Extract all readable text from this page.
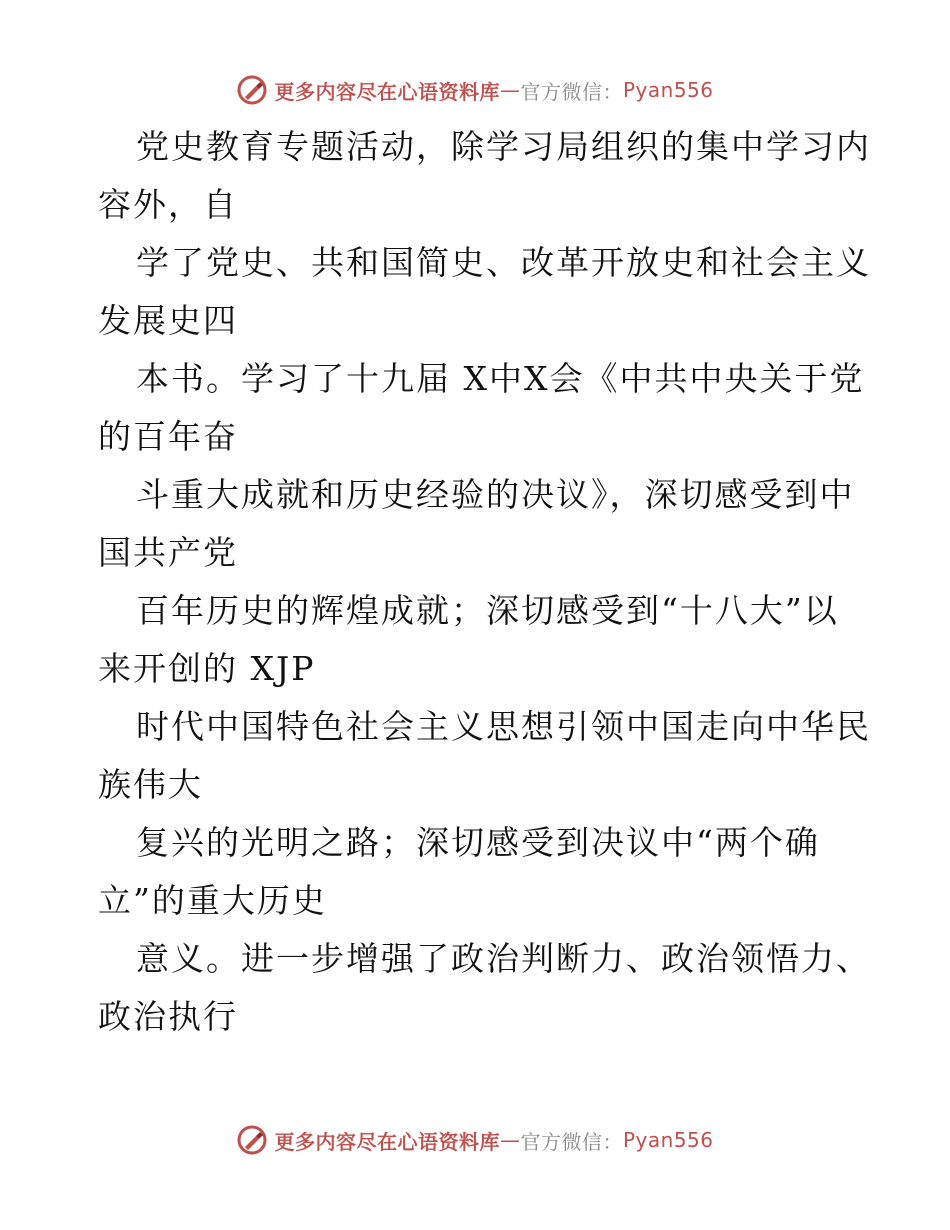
更多内容尽在心语资料库 — 官方微信： Pyan556

党史教育专题活动，除学习局组织的集中学习内
容外，自

学了党史、共和国简史、改革开放史和社会主义
发展史四

本书。学习了十九届 X中X会《中共中央关于党
的百年奋

斗重大成就和历史经验的决议》，深切感受到中
国共产党

百年历史的辉煌成就；深切感受到“十八大”以
来开创的 XJP

时代中国特色社会主义思想引领中国走向中华民
族伟大

复兴的光明之路；深切感受到决议中“两个确
立”的重大历史

意义。进一步增强了政治判断力、政治领悟力、
政治执行

更多内容尽在心语资料库 — 官方微信： Pyan556
